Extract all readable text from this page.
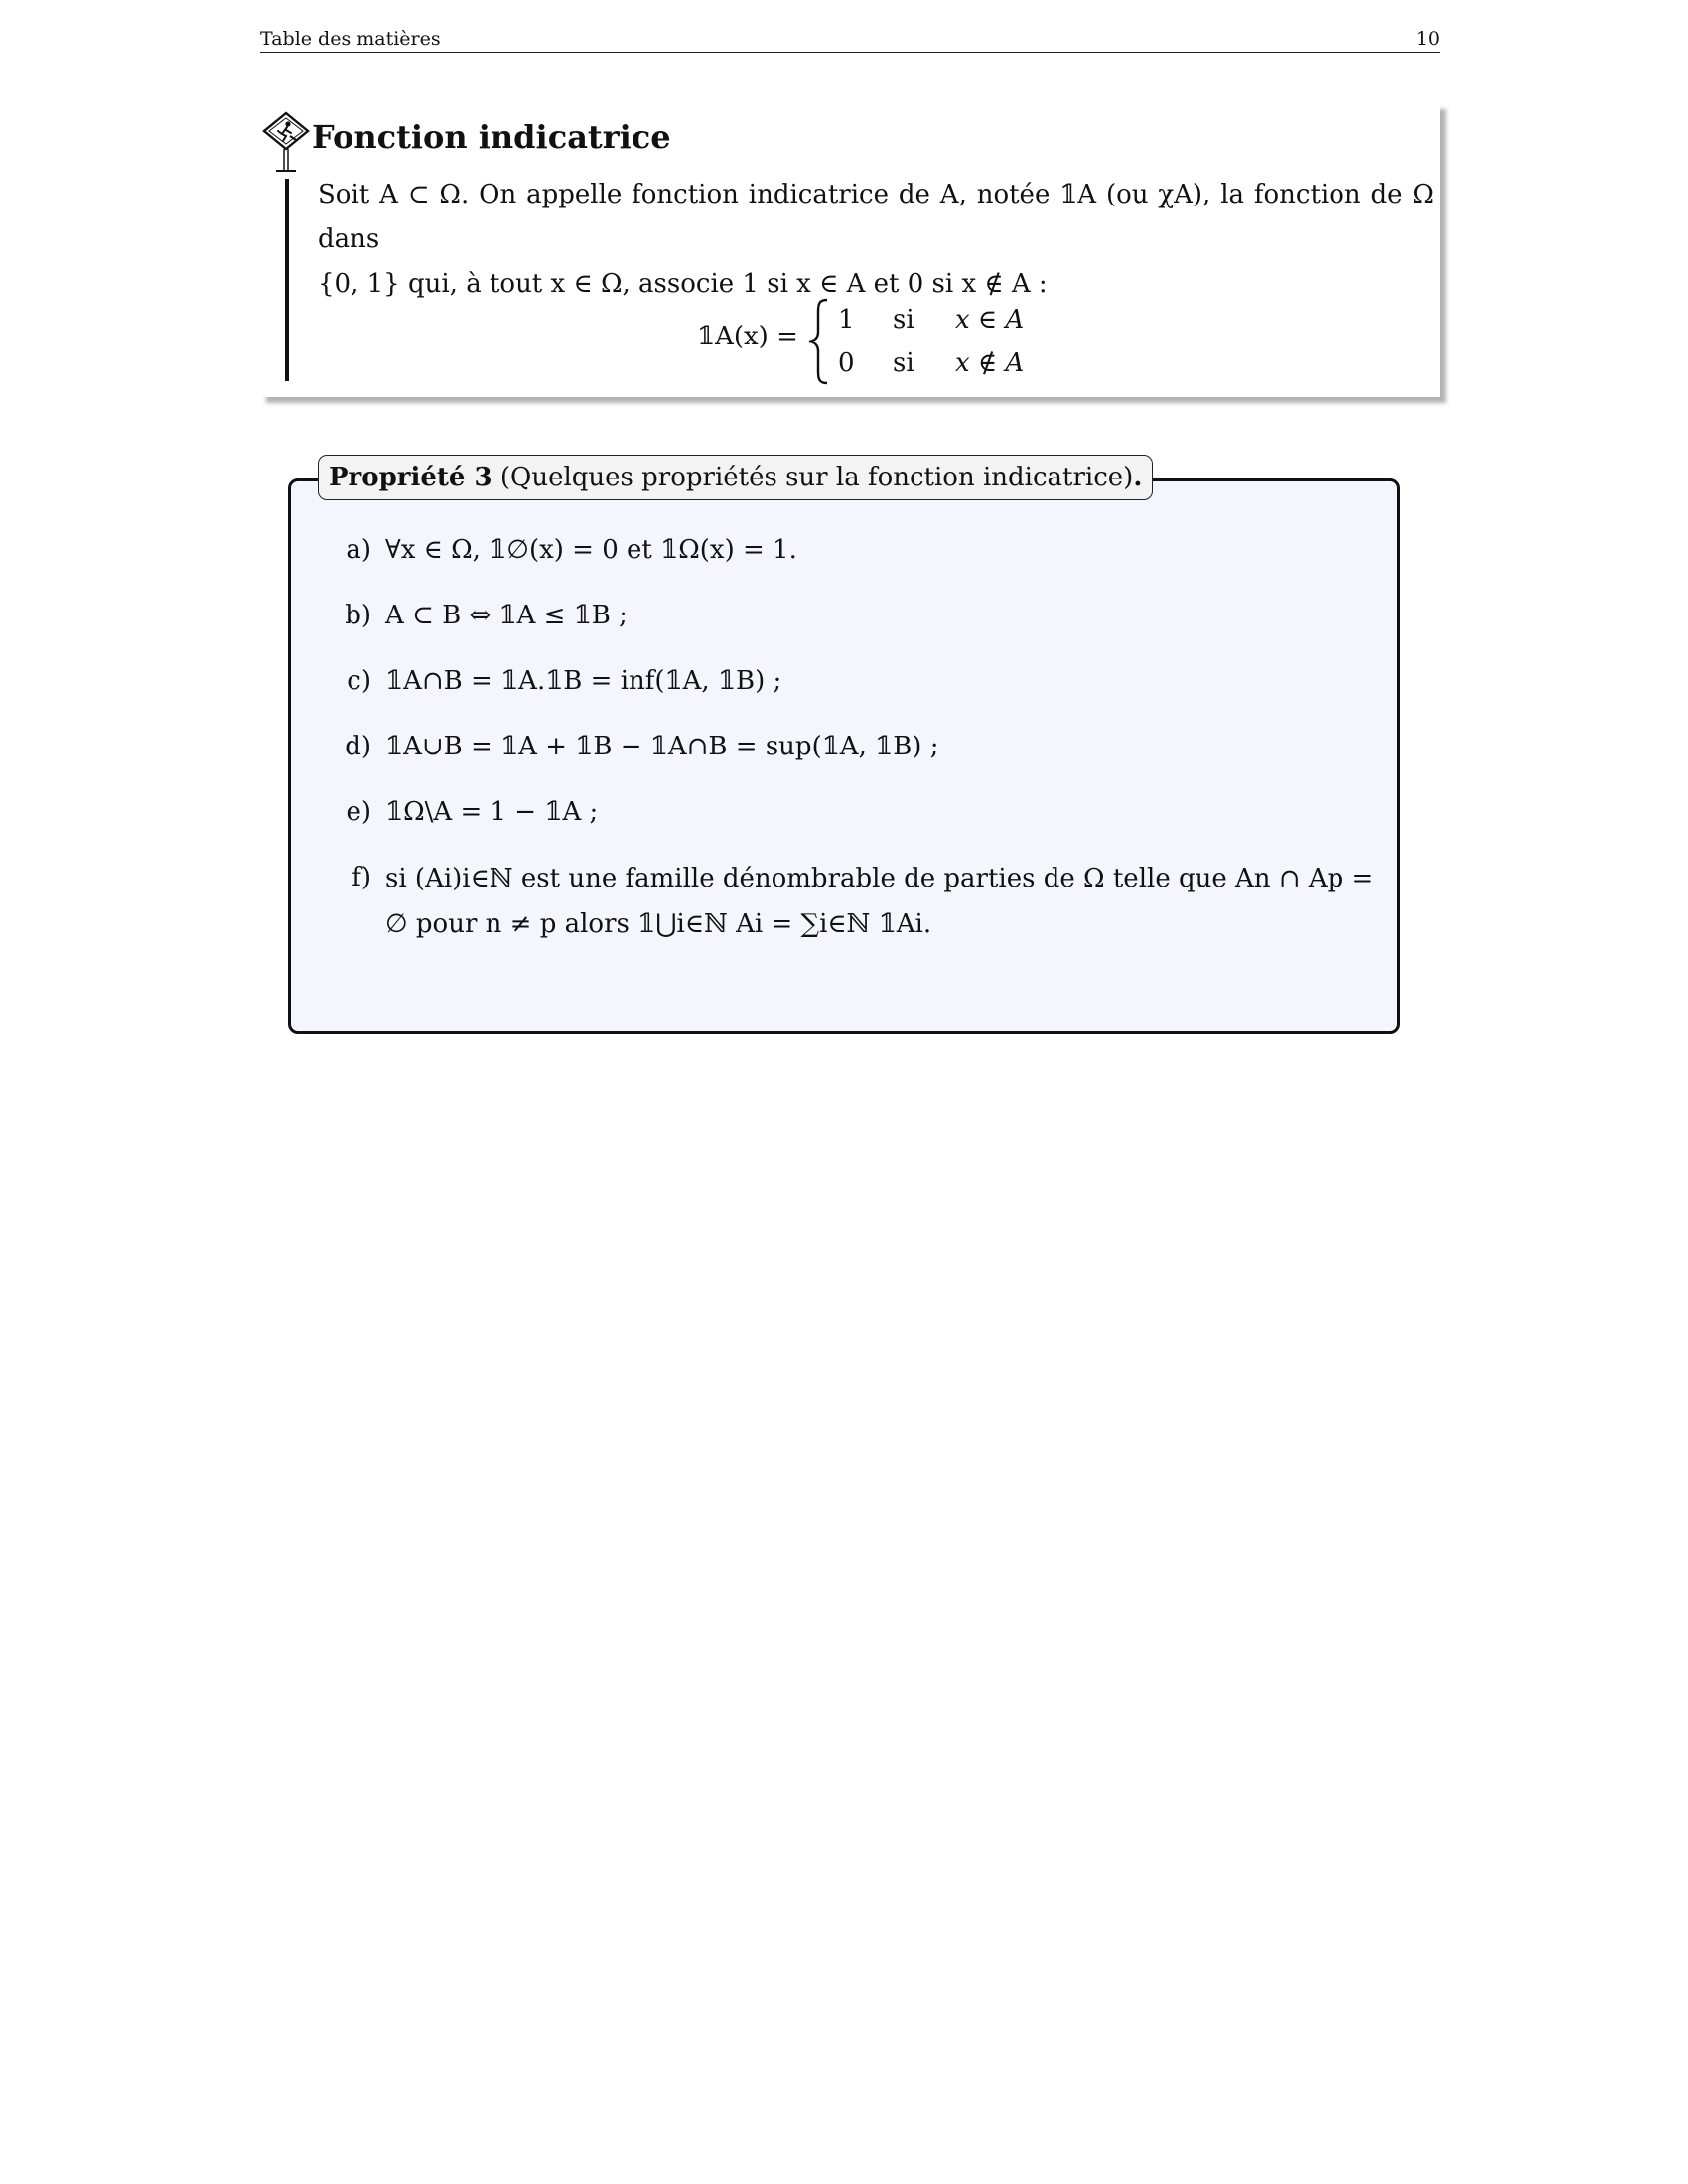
Table des matières	10
Fonction indicatrice
Soit A ⊂ Ω. On appelle fonction indicatrice de A, notée 𝟙A (ou χA), la fonction de Ω dans
{0, 1} qui, à tout x ∈ Ω, associe 1 si x ∈ A et 0 si x ∉ A :
𝟙A(x) =
1 si x ∈ A
0 si x ∉ A
Propriété 3 (Quelques propriétés sur la fonction indicatrice).
a) ∀x ∈ Ω, 𝟙∅(x) = 0 et 𝟙Ω(x) = 1.
b) A ⊂ B ⇔ 𝟙A ≤ 𝟙B ;
c) 𝟙A∩B = 𝟙A.𝟙B = inf(𝟙A, 𝟙B) ;
d) 𝟙A∪B = 𝟙A + 𝟙B − 𝟙A∩B = sup(𝟙A, 𝟙B) ;
e) 𝟙Ω\A = 1 − 𝟙A ;
f) si (Ai)i∈ℕ est une famille dénombrable de parties de Ω telle que An ∩ Ap = ∅ pour n ≠ p alors 𝟙⋃i∈ℕ Ai = ∑i∈ℕ 𝟙Ai.
